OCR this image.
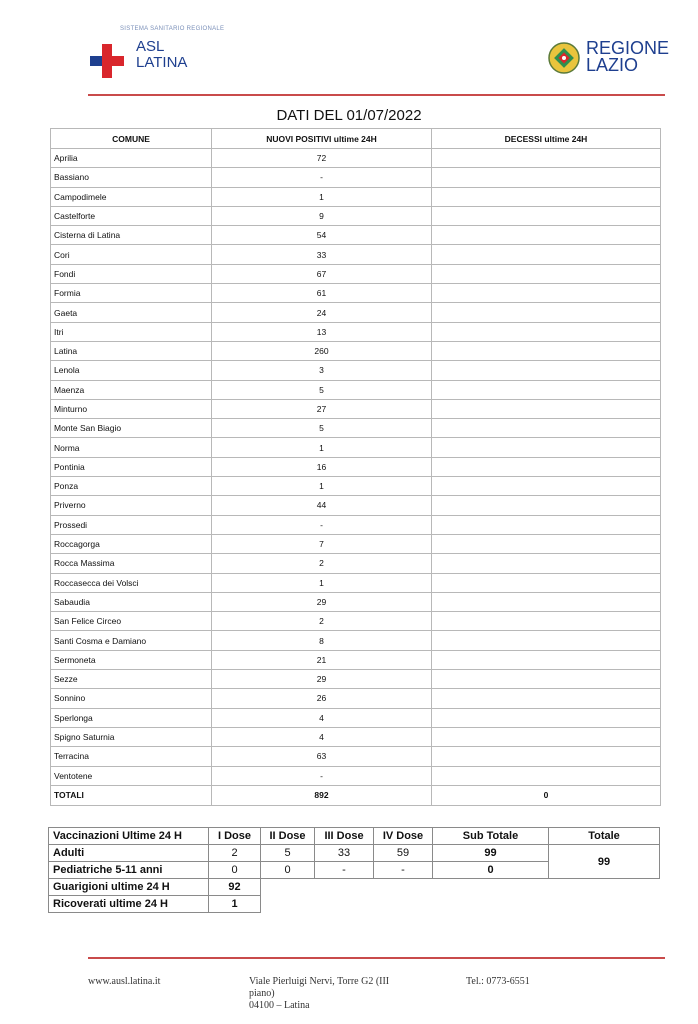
SISTEMA SANITARIO REGIONALE
ASL
LATINA
REGIONE
LAZIO
DATI DEL 01/07/2022
COMUNE	NUOVI POSITIVI ultime 24H	DECESSI ultime 24H
Aprilia	72	
Bassiano	-	
Campodimele	1	
Castelforte	9	
Cisterna di Latina	54	
Cori	33	
Fondi	67	
Formia	61	
Gaeta	24	
Itri	13	
Latina	260	
Lenola	3	
Maenza	5	
Minturno	27	
Monte San Biagio	5	
Norma	1	
Pontinia	16	
Ponza	1	
Priverno	44	
Prossedi	-	
Roccagorga	7	
Rocca Massima	2	
Roccasecca dei Volsci	1	
Sabaudia	29	
San Felice Circeo	2	
Santi Cosma e Damiano	8	
Sermoneta	21	
Sezze	29	
Sonnino	26	
Sperlonga	4	
Spigno Saturnia	4	
Terracina	63	
Ventotene	-	
TOTALI	892	0
Vaccinazioni Ultime 24 H	I Dose	II Dose	III Dose	IV Dose	Sub Totale	Totale
Adulti	2	5	33	59	99	99
Pediatriche 5-11 anni	0	0	-	-	0	
Guarigioni ultime 24 H	92					
Ricoverati ultime 24 H	1					
www.ausl.latina.it	Viale Pierluigi Nervi, Torre G2 (III
piano)
04100 – Latina
Tel.: 0773-6551
